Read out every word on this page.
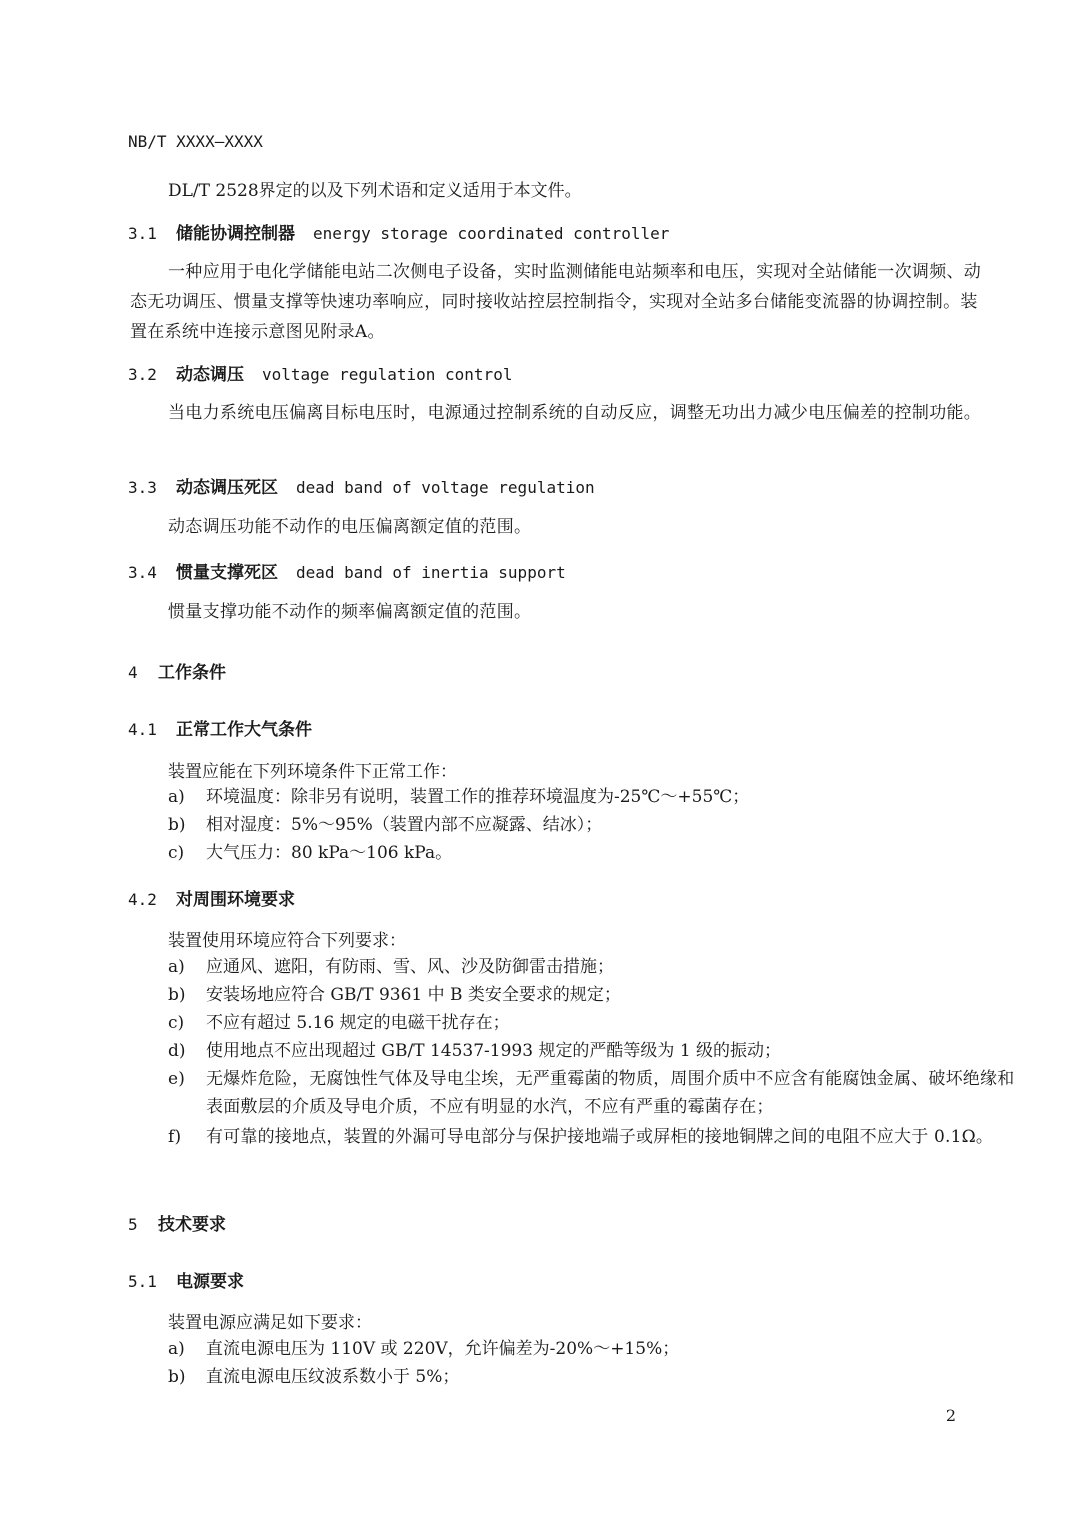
NB/T XXXX—XXXX
DL/T 2528界定的以及下列术语和定义适用于本文件。
3.1 储能协调控制器 energy storage coordinated controller
一种应用于电化学储能电站二次侧电子设备，实时监测储能电站频率和电压，实现对全站储能一次调频、动态无功调压、惯量支撑等快速功率响应，同时接收站控层控制指令，实现对全站多台储能变流器的协调控制。装置在系统中连接示意图见附录A。
3.2 动态调压 voltage regulation control
当电力系统电压偏离目标电压时，电源通过控制系统的自动反应，调整无功出力减少电压偏差的控制功能。
3.3 动态调压死区 dead band of voltage regulation
动态调压功能不动作的电压偏离额定值的范围。
3.4 惯量支撑死区 dead band of inertia support
惯量支撑功能不动作的频率偏离额定值的范围。
4 工作条件
4.1 正常工作大气条件
装置应能在下列环境条件下正常工作：
a) 环境温度：除非另有说明，装置工作的推荐环境温度为-25℃～+55℃；
b) 相对湿度：5%～95%（装置内部不应凝露、结冰）；
c) 大气压力：80 kPa～106 kPa。
4.2 对周围环境要求
装置使用环境应符合下列要求：
a) 应通风、遮阳，有防雨、雪、风、沙及防御雷击措施；
b) 安装场地应符合 GB/T 9361 中 B 类安全要求的规定；
c) 不应有超过 5.16 规定的电磁干扰存在；
d) 使用地点不应出现超过 GB/T 14537-1993 规定的严酷等级为 1 级的振动；
e) 无爆炸危险，无腐蚀性气体及导电尘埃，无严重霉菌的物质，周围介质中不应含有能腐蚀金属、破坏绝缘和表面敷层的介质及导电介质，不应有明显的水汽，不应有严重的霉菌存在；
f) 有可靠的接地点，装置的外漏可导电部分与保护接地端子或屏柜的接地铜牌之间的电阻不应大于 0.1Ω。
5 技术要求
5.1 电源要求
装置电源应满足如下要求：
a) 直流电源电压为 110V 或 220V，允许偏差为-20%～+15%；
b) 直流电源电压纹波系数小于 5%；
2
